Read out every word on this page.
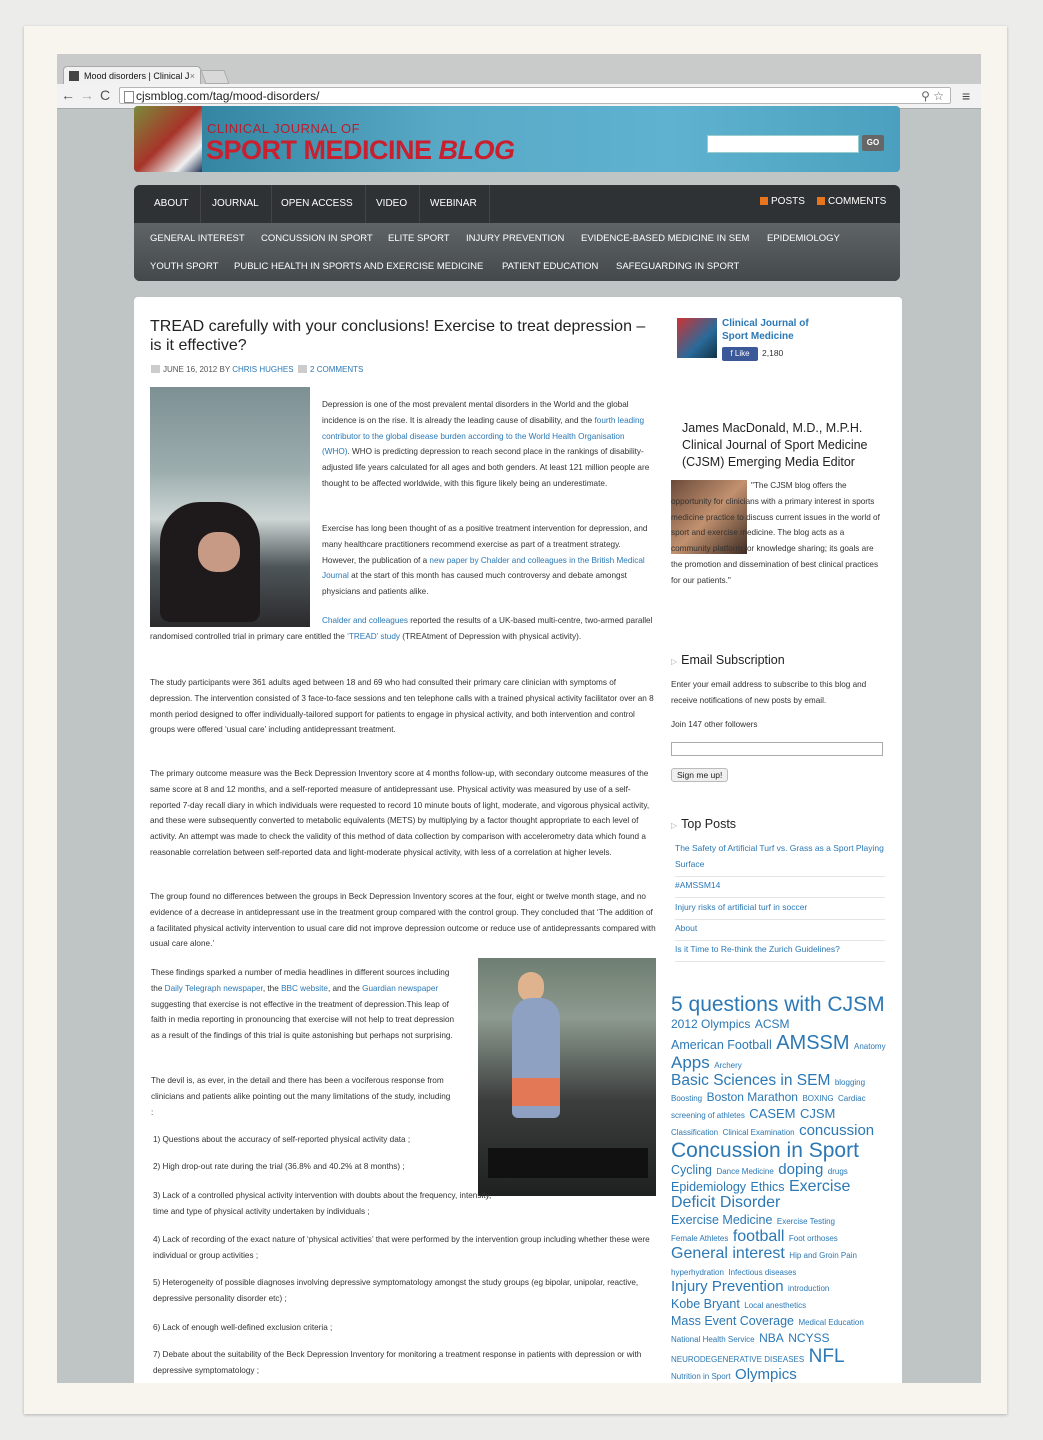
Mood disorders | Clinical J ×
← → C	cjsmblog.com/tag/mood-disorders/	⚲ ☆ ≡
CLINICAL JOURNAL OF
SPORT MEDICINE BLOG	GO
ABOUT	JOURNAL	OPEN ACCESS	VIDEO	WEBINAR	POSTS	COMMENTS
GENERAL INTEREST CONCUSSION IN SPORT ELITE SPORT INJURY PREVENTION EVIDENCE-BASED MEDICINE IN SEM EPIDEMIOLOGY
YOUTH SPORT PUBLIC HEALTH IN SPORTS AND EXERCISE MEDICINE PATIENT EDUCATION SAFEGUARDING IN SPORT
TREAD carefully with your conclusions! Exercise to treat depression – is it effective?
JUNE 16, 2012 BY CHRIS HUGHES 2 COMMENTS
Depression is one of the most prevalent mental disorders in the World and the global incidence is on the rise. It is already the leading cause of disability, and the fourth leading contributor to the global disease burden according to the World Health Organisation (WHO). WHO is predicting depression to reach second place in the rankings of disability-adjusted life years calculated for all ages and both genders. At least 121 million people are thought to be affected worldwide, with this figure likely being an underestimate.
Exercise has long been thought of as a positive treatment intervention for depression, and many healthcare practitioners recommend exercise as part of a treatment strategy. However, the publication of a new paper by Chalder and colleagues in the British Medical Journal at the start of this month has caused much controversy and debate amongst physicians and patients alike.
Chalder and colleagues reported the results of a UK-based multi-centre, two-armed parallel randomised controlled trial in primary care entitled the ‘TREAD’ study (TREAtment of Depression with physical activity).
The study participants were 361 adults aged between 18 and 69 who had consulted their primary care clinician with symptoms of depression. The intervention consisted of 3 face-to-face sessions and ten telephone calls with a trained physical activity facilitator over an 8 month period designed to offer individually-tailored support for patients to engage in physical activity, and both intervention and control groups were offered ‘usual care’ including antidepressant treatment.
The primary outcome measure was the Beck Depression Inventory score at 4 months follow-up, with secondary outcome measures of the same score at 8 and 12 months, and a self-reported measure of antidepressant use. Physical activity was measured by use of a self-reported 7-day recall diary in which individuals were requested to record 10 minute bouts of light, moderate, and vigorous physical activity, and these were subsequently converted to metabolic equivalents (METS) by multiplying by a factor thought appropriate to each level of activity. An attempt was made to check the validity of this method of data collection by comparison with accelerometry data which found a reasonable correlation between self-reported data and light-moderate physical activity, with less of a correlation at higher levels.
The group found no differences between the groups in Beck Depression Inventory scores at the four, eight or twelve month stage, and no evidence of a decrease in antidepressant use in the treatment group compared with the control group. They concluded that ‘The addition of a facilitated physical activity intervention to usual care did not improve depression outcome or reduce use of antidepressants compared with usual care alone.’
These findings sparked a number of media headlines in different sources including the Daily Telegraph newspaper, the BBC website, and the Guardian newspaper suggesting that exercise is not effective in the treatment of depression.This leap of faith in media reporting in pronouncing that exercise will not help to treat depression as a result of the findings of this trial is quite astonishing but perhaps not surprising.
The devil is, as ever, in the detail and there has been a vociferous response from clinicians and patients alike pointing out the many limitations of the study, including :
1) Questions about the accuracy of self-reported physical activity data ;
2) High drop-out rate during the trial (36.8% and 40.2% at 8 months) ;
3) Lack of a controlled physical activity intervention with doubts about the frequency, intensity, time and type of physical activity undertaken by individuals ;
4) Lack of recording of the exact nature of ‘physical activities’ that were performed by the intervention group including whether these were individual or group activities ;
5) Heterogeneity of possible diagnoses involving depressive symptomatology amongst the study groups (eg bipolar, unipolar, reactive, depressive personality disorder etc) ;
6) Lack of enough well-defined exclusion criteria ;
7) Debate about the suitability of the Beck Depression Inventory for monitoring a treatment response in patients with depression or with depressive symptomatology ;
Clinical Journal of Sport Medicine
f Like	2,180
James MacDonald, M.D., M.P.H. Clinical Journal of Sport Medicine (CJSM) Emerging Media Editor
"The CJSM blog offers the opportunity for clinicians with a primary interest in sports medicine practice to discuss current issues in the world of sport and exercise medicine. The blog acts as a community platform for knowledge sharing; its goals are the promotion and dissemination of best clinical practices for our patients."
▷ Email Subscription
Enter your email address to subscribe to this blog and receive notifications of new posts by email.
Join 147 other followers
Sign me up!
▷ Top Posts
The Safety of Artificial Turf vs. Grass as a Sport Playing Surface
#AMSSM14
Injury risks of artificial turf in soccer
About
Is it Time to Re-think the Zurich Guidelines?
5 questions with CJSM 2012 Olympics ACSM American Football AMSSM Anatomy Apps Archery Basic Sciences in SEM blogging Boosting Boston Marathon BOXING Cardiac screening of athletes CASEM CJSM Classification Clinical Examination concussion Concussion in Sport Cycling Dance Medicine doping drugs Epidemiology Ethics Exercise Deficit Disorder Exercise Medicine Exercise Testing Female Athletes football Foot orthoses General interest Hip and Groin Pain hyperhydration Infectious diseases Injury Prevention introduction Kobe Bryant Local anesthetics Mass Event Coverage Medical Education National Health Service NBA NCYSS NEURODEGENERATIVE DISEASES NFL Nutrition in Sport Olympics
